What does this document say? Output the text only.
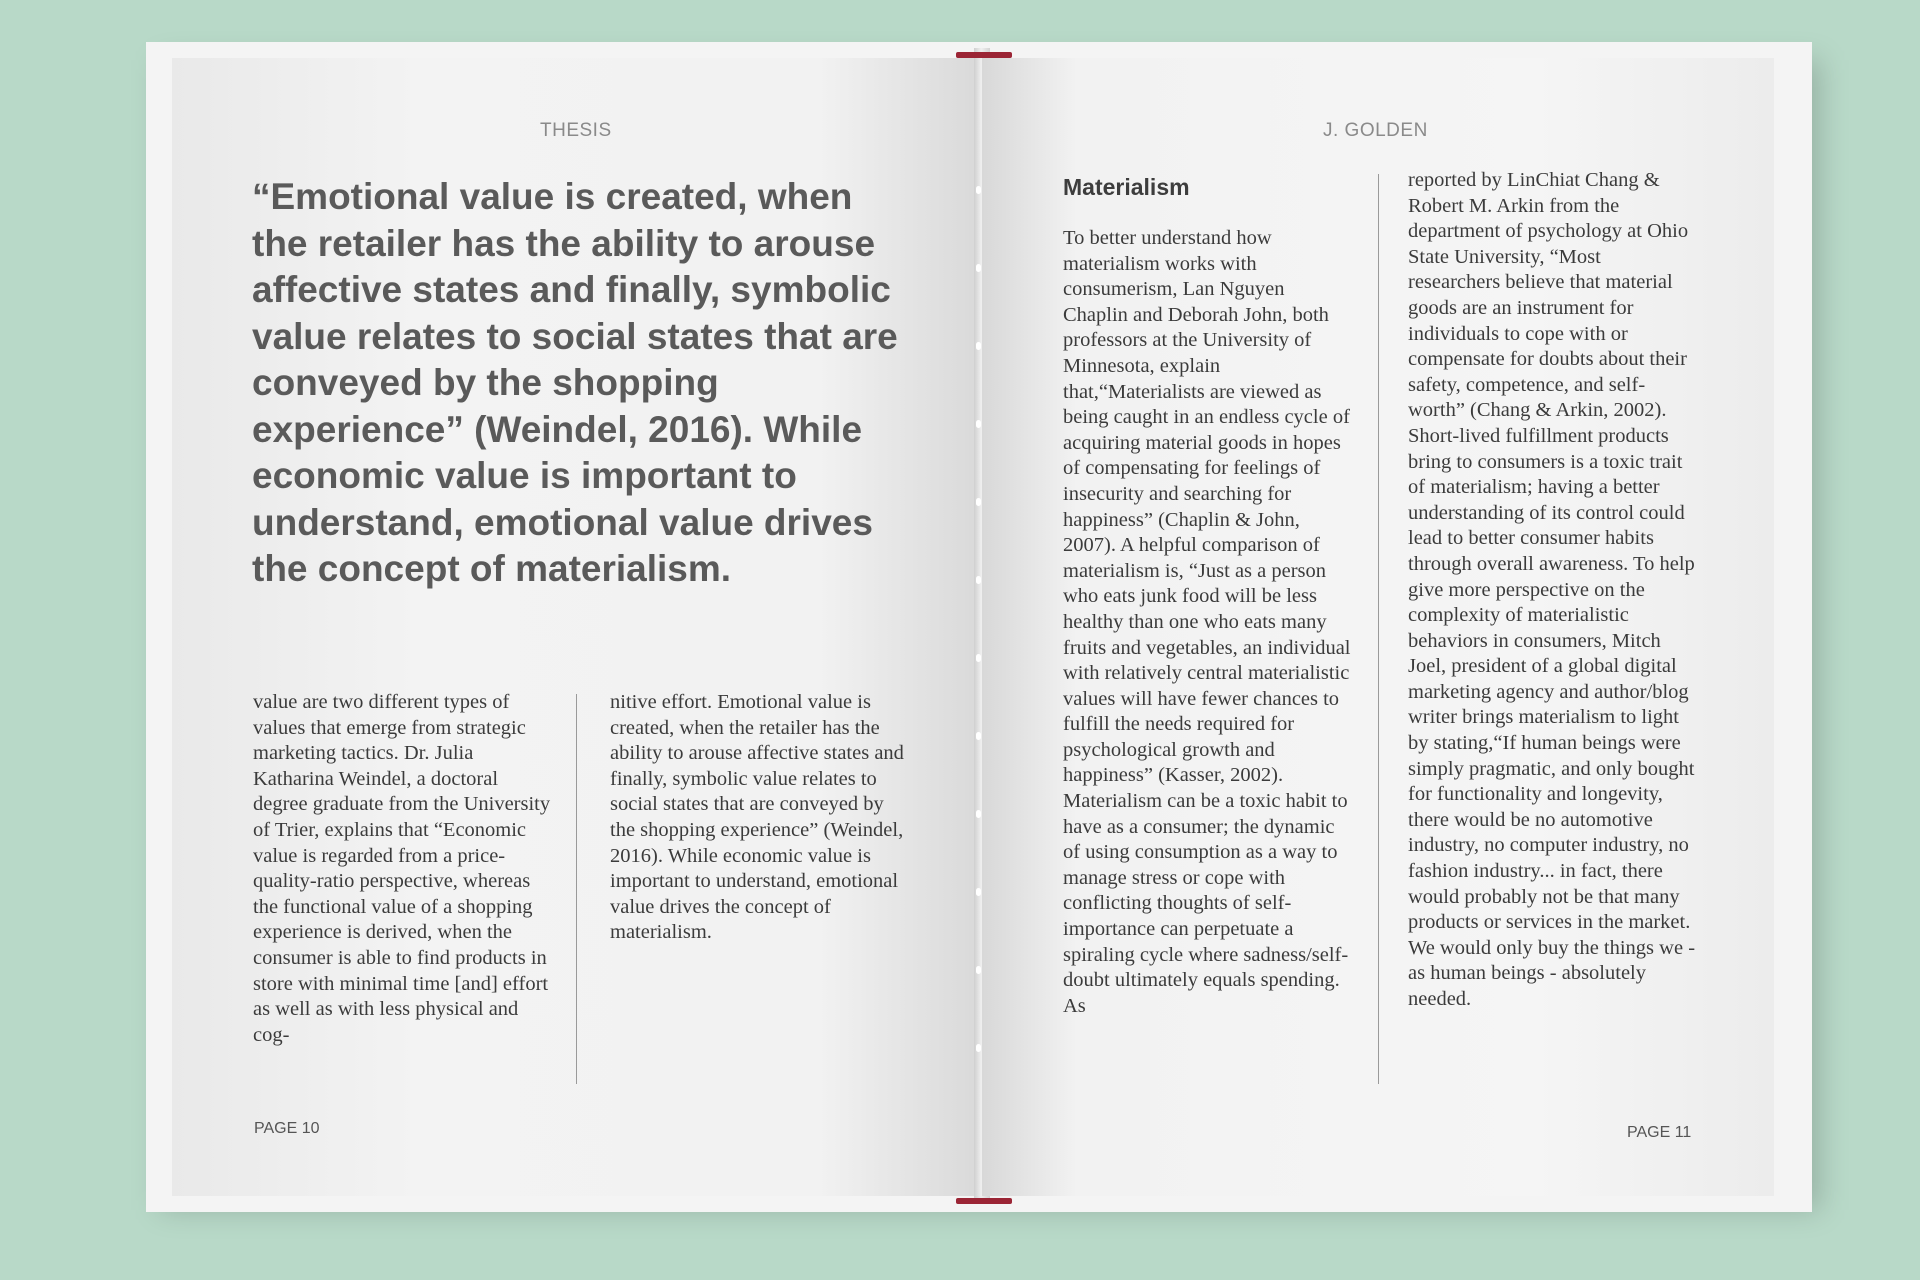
THESIS

“Emotional value is created, when the retailer has the ability to arouse affective states and finally, symbolic value relates to social states that are conveyed by the shopping experience” (Weindel, 2016). While economic value is important to understand, emotional value drives the concept of materialism.

value are two different types of values that emerge from strategic marketing tactics. Dr. Julia Katharina Weindel, a doctoral degree graduate from the University of Trier, explains that “Economic value is regarded from a price-quality-ratio perspective, whereas the functional value of a shopping experience is derived, when the consumer is able to find products in store with minimal time [and] effort as well as with less physical and cog-

nitive effort. Emotional value is created, when the retailer has the ability to arouse affective states and finally, symbolic value relates to social states that are conveyed by the shopping experience” (Weindel, 2016). While economic value is important to understand, emotional value drives the concept of materialism.

PAGE 10
J. GOLDEN
Materialism

To better understand how materialism works with consumerism, Lan Nguyen Chaplin and Deborah John, both professors at the University of Minnesota, explain that,“Materialists are viewed as being caught in an endless cycle of acquiring material goods in hopes of compensating for feelings of insecurity and searching for happiness” (Chaplin & John, 2007). A helpful comparison of materialism is, “Just as a person who eats junk food will be less healthy than one who eats many fruits and vegetables, an individual with relatively central materialistic values will have fewer chances to fulfill the needs required for psychological growth and happiness” (Kasser, 2002). Materialism can be a toxic habit to have as a consumer; the dynamic of using consumption as a way to manage stress or cope with conflicting thoughts of self-importance can perpetuate a spiraling cycle where sadness/self-doubt ultimately equals spending. As

reported by LinChiat Chang & Robert M. Arkin from the department of psychology at Ohio State University, “Most researchers believe that material goods are an instrument for individuals to cope with or compensate for doubts about their safety, competence, and self-worth” (Chang & Arkin, 2002). Short-lived fulfillment products bring to consumers is a toxic trait of materialism; having a better understanding of its control could lead to better consumer habits through overall awareness. To help give more perspective on the complexity of materialistic behaviors in consumers, Mitch Joel, president of a global digital marketing agency and author/blog writer brings materialism to light by stating,“If human beings were simply pragmatic, and only bought for functionality and longevity, there would be no automotive industry, no computer industry, no fashion industry... in fact, there would probably not be that many products or services in the market. We would only buy the things we - as human beings - absolutely needed.

PAGE 11
